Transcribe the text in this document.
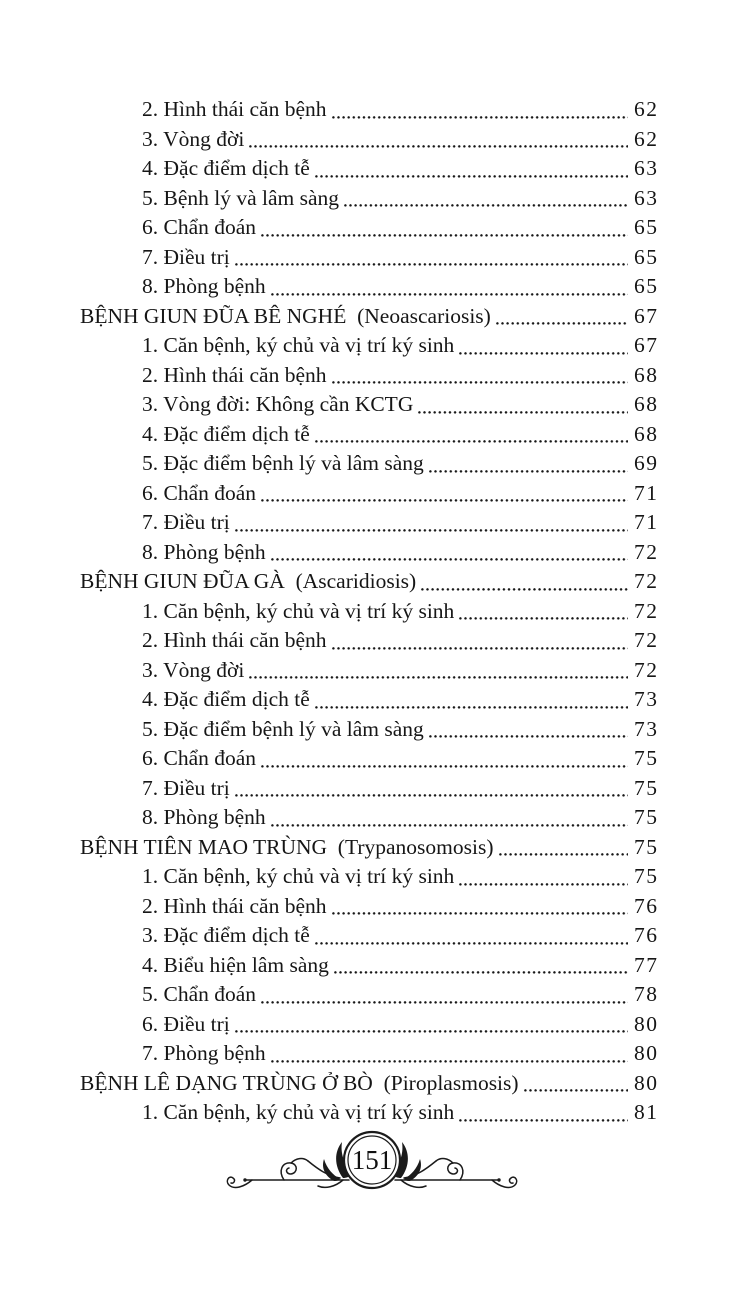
2. Hình thái căn bệnh	62
3. Vòng đời	62
4. Đặc điểm dịch tễ	63
5. Bệnh lý và lâm sàng	63
6. Chẩn đoán	65
7. Điều trị	65
8. Phòng bệnh	65
BỆNH GIUN ĐŨA BÊ NGHÉ  (Neoascariosis)	67
1. Căn bệnh, ký chủ và vị trí ký sinh	67
2. Hình thái căn bệnh	68
3. Vòng đời: Không cần KCTG	68
4. Đặc điểm dịch tễ	68
5. Đặc điểm bệnh lý và lâm sàng	69
6. Chẩn đoán	71
7. Điều trị	71
8. Phòng bệnh	72
BỆNH GIUN ĐŨA GÀ  (Ascaridiosis)	72
1. Căn bệnh, ký chủ và vị trí ký sinh	72
2. Hình thái căn bệnh	72
3. Vòng đời	72
4. Đặc điểm dịch tễ	73
5. Đặc điểm bệnh lý và lâm sàng	73
6. Chẩn đoán	75
7. Điều trị	75
8. Phòng bệnh	75
BỆNH TIÊN MAO TRÙNG  (Trypanosomosis)	75
1. Căn bệnh, ký chủ và vị trí ký sinh	75
2. Hình thái căn bệnh	76
3. Đặc điểm dịch tễ	76
4. Biểu hiện lâm sàng	77
5. Chẩn đoán	78
6. Điều trị	80
7. Phòng bệnh	80
BỆNH LÊ DẠNG TRÙNG Ở BÒ  (Piroplasmosis)	80
1. Căn bệnh, ký chủ và vị trí ký sinh	81
151
